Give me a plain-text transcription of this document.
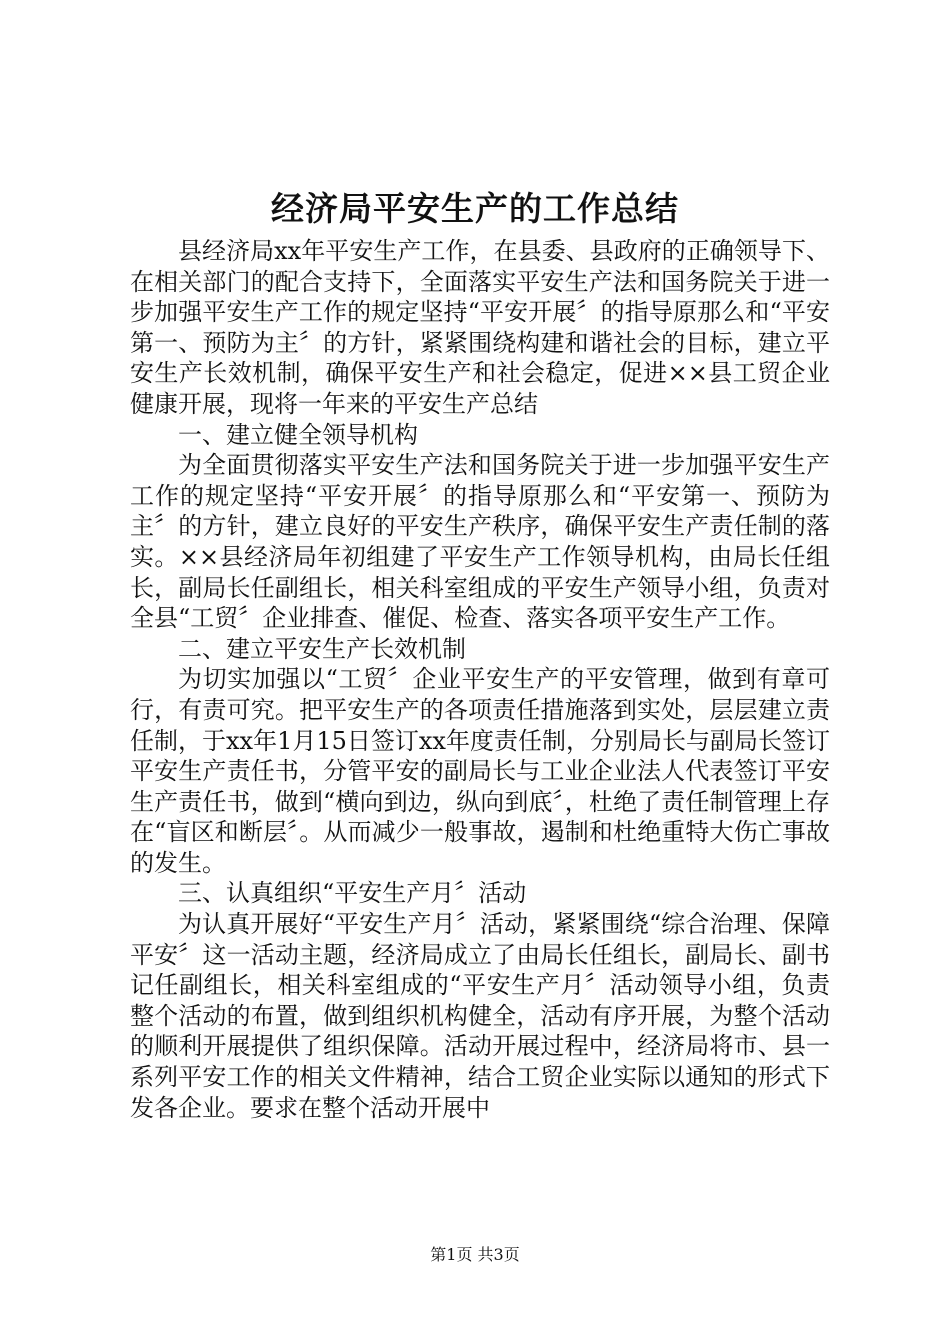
经济局平安生产的工作总结

县经济局xx年平安生产工作，在县委、县政府的正确领导下、在相关部门的配合支持下，全面落实平安生产法和国务院关于进一步加强平安生产工作的规定坚持“平安开展〞的指导原那么和“平安第一、预防为主〞的方针，紧紧围绕构建和谐社会的目标，建立平安生产长效机制，确保平安生产和社会稳定，促进××县工贸企业健康开展，现将一年来的平安生产总结

一、建立健全领导机构

为全面贯彻落实平安生产法和国务院关于进一步加强平安生产工作的规定坚持“平安开展〞的指导原那么和“平安第一、预防为主〞的方针，建立良好的平安生产秩序，确保平安生产责任制的落实。××县经济局年初组建了平安生产工作领导机构，由局长任组长，副局长任副组长，相关科室组成的平安生产领导小组，负责对全县“工贸〞企业排查、催促、检查、落实各项平安生产工作。

二、建立平安生产长效机制

为切实加强以“工贸〞企业平安生产的平安管理，做到有章可行，有责可究。把平安生产的各项责任措施落到实处，层层建立责任制，于xx年1月15日签订xx年度责任制，分别局长与副局长签订平安生产责任书，分管平安的副局长与工业企业法人代表签订平安生产责任书，做到“横向到边，纵向到底〞，杜绝了责任制管理上存在“盲区和断层〞。从而减少一般事故，遏制和杜绝重特大伤亡事故的发生。

三、认真组织“平安生产月〞活动

为认真开展好“平安生产月〞活动，紧紧围绕“综合治理、保障平安〞这一活动主题，经济局成立了由局长任组长，副局长、副书记任副组长，相关科室组成的“平安生产月〞活动领导小组，负责整个活动的布置，做到组织机构健全，活动有序开展，为整个活动的顺利开展提供了组织保障。活动开展过程中，经济局将市、县一系列平安工作的相关文件精神，结合工贸企业实际以通知的形式下发各企业。要求在整个活动开展中

第1页 共3页
